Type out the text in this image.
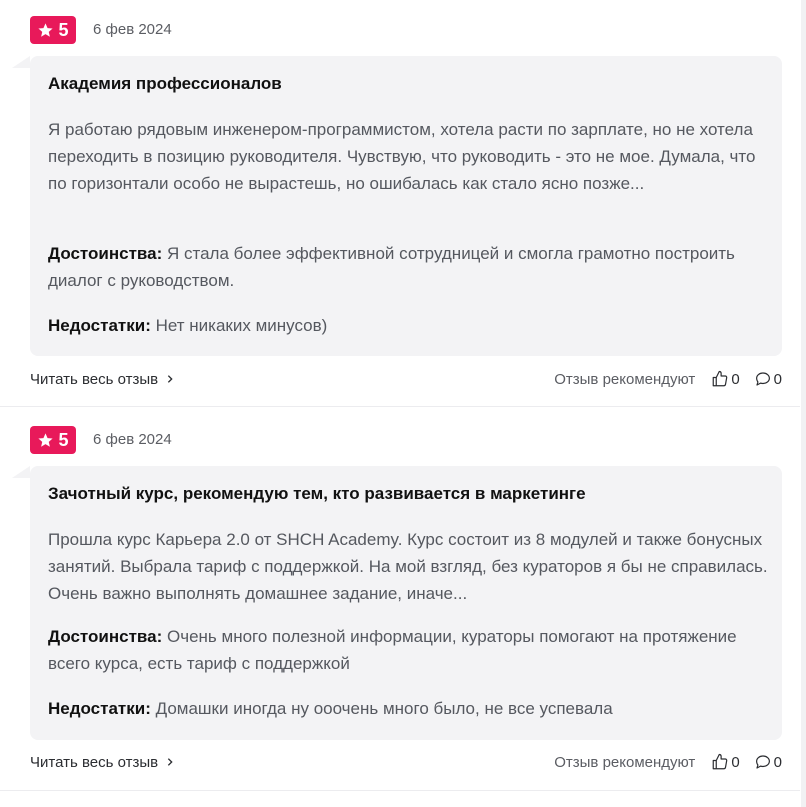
5 6 фев 2024
Академия профессионалов

Я работаю рядовым инженером-программистом, хотела расти по зарплате, но не хотела переходить в позицию руководителя. Чувствую, что руководить - это не мое. Думала, что по горизонтали особо не вырастешь, но ошибалась как стало ясно позже...

Достоинства: Я стала более эффективной сотрудницей и смогла грамотно построить диалог с руководством.

Недостатки: Нет никаких минусов)

Читать весь отзыв	Отзыв рекомендуют 0 0
5 6 фев 2024
Зачотный курс, рекомендую тем, кто развивается в маркетинге

Прошла курс Карьера 2.0 от SHCH Academy. Курс состоит из 8 модулей и также бонусных занятий. Выбрала тариф с поддержкой. На мой взгляд, без кураторов я бы не справилась. Очень важно выполнять домашнее задание, иначе...

Достоинства: Очень много полезной информации, кураторы помогают на протяжение всего курса, есть тариф с поддержкой

Недостатки: Домашки иногда ну ооочень много было, не все успевала

Читать весь отзыв	Отзыв рекомендуют 0 0
